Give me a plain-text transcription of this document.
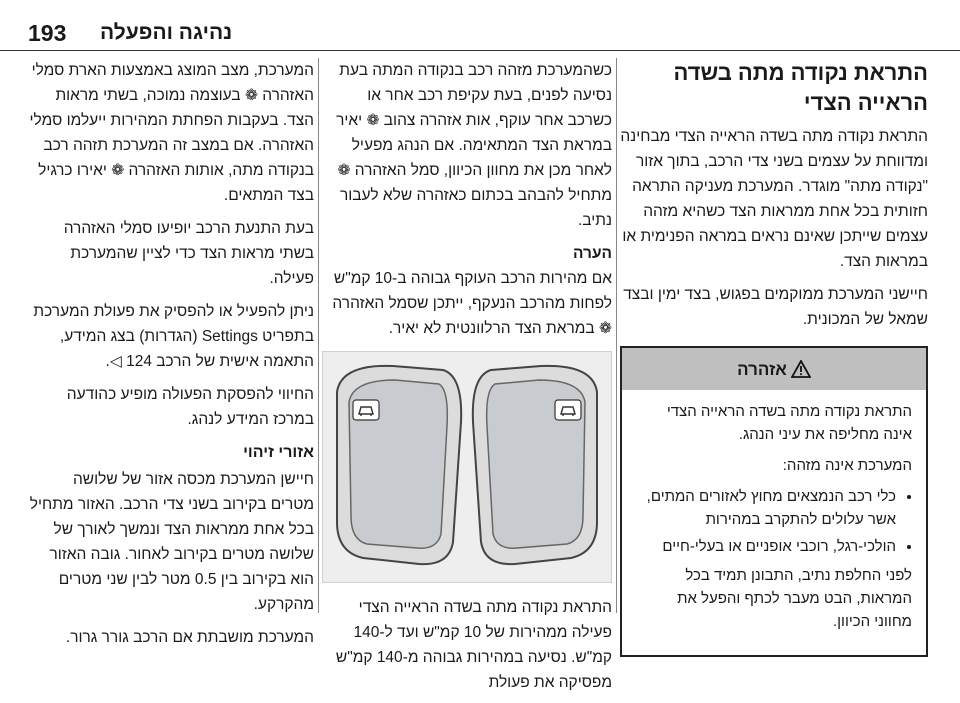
193 נהיגה והפעלה
התראת נקודה מתה בשדה הראייה הצדי

התראת נקודה מתה בשדה הראייה הצדי מבחינה ומדווחת על עצמים בשני צדי הרכב, בתוך אזור "נקודה מתה" מוגדר. המערכת מעניקה התראה חזותית בכל אחת ממראות הצד כשהיא מזהה עצמים שייתכן שאינם נראים במראה הפנימית או במראות הצד.

חיישני המערכת ממוקמים בפגוש, בצד ימין ובצד שמאל של המכונית.

אזהרה

התראת נקודה מתה בשדה הראייה הצדי אינה מחליפה את עיני הנהג.

המערכת אינה מזהה:

• כלי רכב הנמצאים מחוץ לאזורים המתים, אשר עלולים להתקרב במהירות
• הולכי-רגל, רוכבי אופניים או בעלי-חיים

לפני החלפת נתיב, התבונן תמיד בכל המראות, הבט מעבר לכתף והפעל את מחווני הכיוון.

כשהמערכת מזהה רכב בנקודה המתה בעת נסיעה לפנים, בעת עקיפת רכב אחר או כשרכב אחר עוקף, אות אזהרה צהוב ❁ יאיר במראת הצד המתאימה. אם הנהג מפעיל לאחר מכן את מחוון הכיוון, סמל האזהרה ❁ מתחיל להבהב בכתום כאזהרה שלא לעבור נתיב.

הערה

אם מהירות הרכב העוקף גבוהה ב-10 קמ"ש לפחות מהרכב הנעקף, ייתכן שסמל האזהרה ❁ במראת הצד הרלוונטית לא יאיר.

התראת נקודה מתה בשדה הראייה הצדי פעילה ממהירות של 10 קמ"ש ועד ל-140 קמ"ש. נסיעה במהירות גבוהה מ-140 קמ"ש מפסיקה את פעולת

המערכת, מצב המוצג באמצעות הארת סמלי האזהרה ❁ בעוצמה נמוכה, בשתי מראות הצד. בעקבות הפחתת המהירות ייעלמו סמלי האזהרה. אם במצב זה המערכת תזהה רכב בנקודה מתה, אותות האזהרה ❁ יאירו כרגיל בצד המתאים.

בעת התנעת הרכב יופיעו סמלי האזהרה בשתי מראות הצד כדי לציין שהמערכת פעילה.

ניתן להפעיל או להפסיק את פעולת המערכת בתפריט Settings (הגדרות) בצג המידע, התאמה אישית של הרכב 124 ◁.

החיווי להפסקת הפעולה מופיע כהודעה במרכז המידע לנהג.

אזורי זיהוי

חיישן המערכת מכסה אזור של שלושה מטרים בקירוב בשני צדי הרכב. האזור מתחיל בכל אחת ממראות הצד ונמשך לאורך של שלושה מטרים בקירוב לאחור. גובה האזור הוא בקירוב בין 0.5 מטר לבין שני מטרים מהקרקע.

המערכת מושבתת אם הרכב גורר גרור.
